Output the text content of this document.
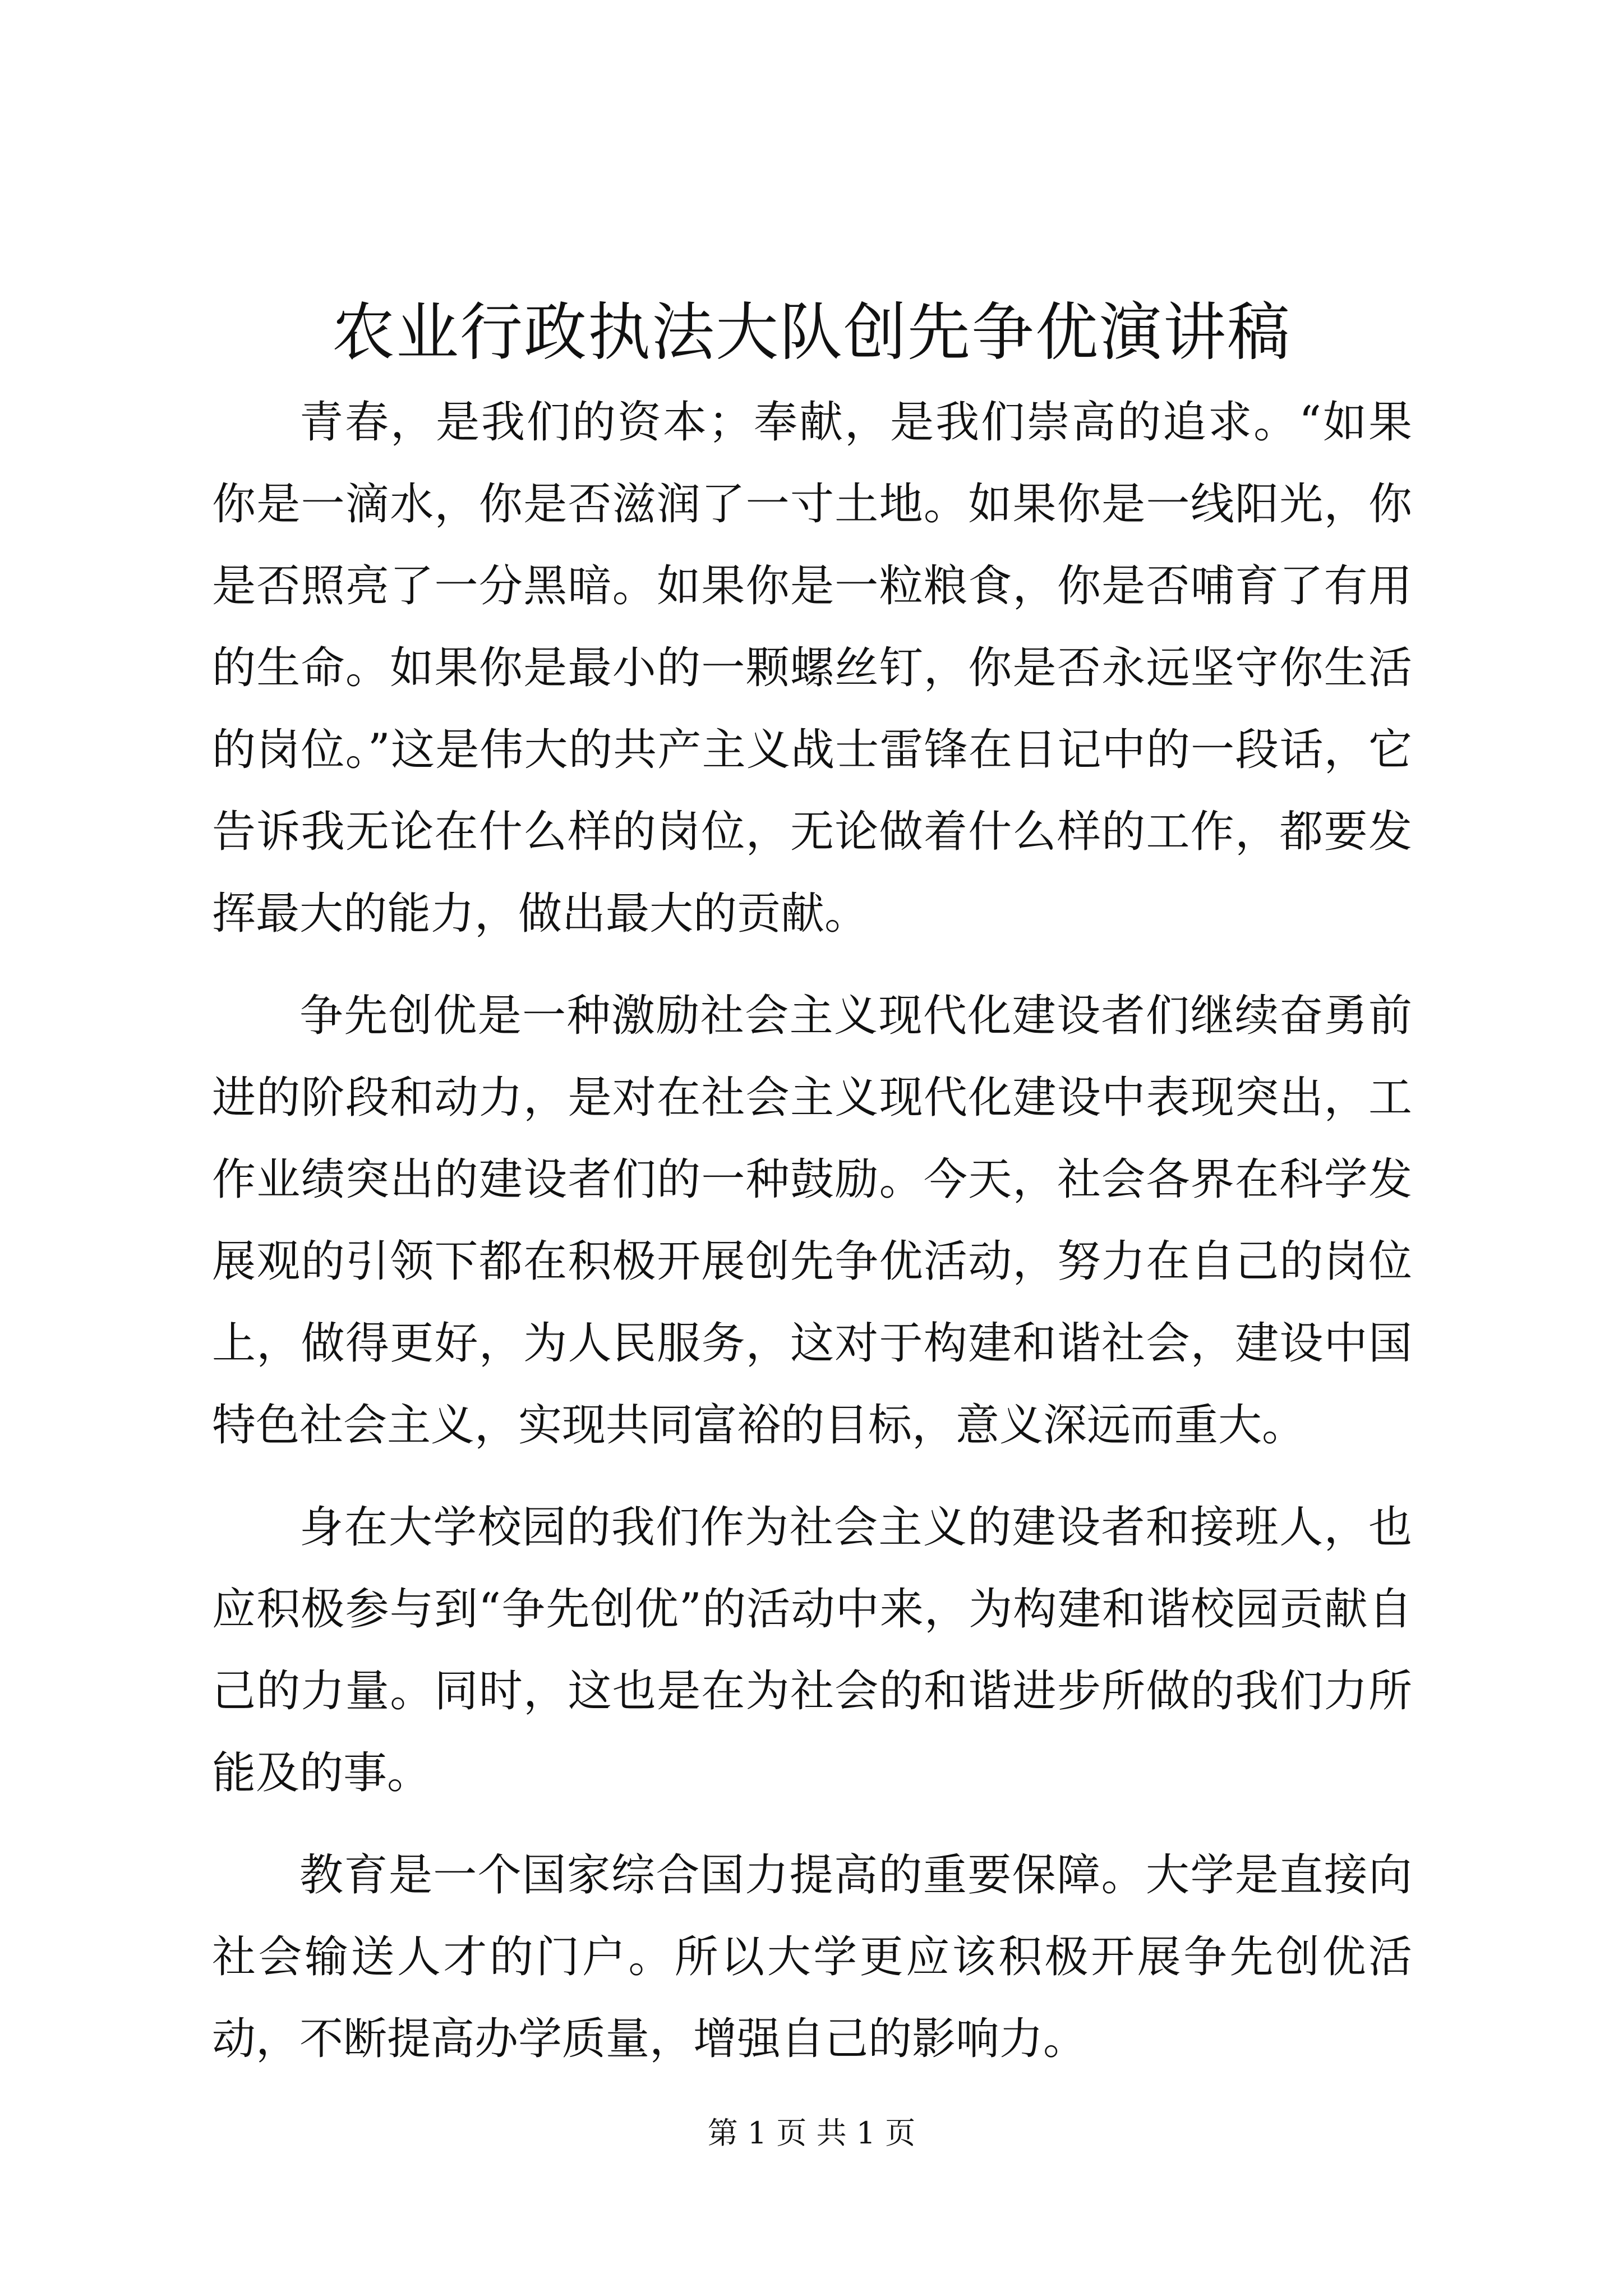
农业行政执法大队创先争优演讲稿

青春，是我们的资本；奉献，是我们崇高的追求。“如果你是一滴水，你是否滋润了一寸土地。如果你是一线阳光，你是否照亮了一分黑暗。如果你是一粒粮食，你是否哺育了有用的生命。如果你是最小的一颗螺丝钉，你是否永远坚守你生活的岗位。”这是伟大的共产主义战士雷锋在日记中的一段话，它告诉我无论在什么样的岗位，无论做着什么样的工作，都要发挥最大的能力，做出最大的贡献。

争先创优是一种激励社会主义现代化建设者们继续奋勇前进的阶段和动力，是对在社会主义现代化建设中表现突出，工作业绩突出的建设者们的一种鼓励。今天，社会各界在科学发展观的引领下都在积极开展创先争优活动，努力在自己的岗位上，做得更好，为人民服务，这对于构建和谐社会，建设中国特色社会主义，实现共同富裕的目标，意义深远而重大。

身在大学校园的我们作为社会主义的建设者和接班人，也应积极参与到“争先创优”的活动中来，为构建和谐校园贡献自己的力量。同时，这也是在为社会的和谐进步所做的我们力所能及的事。

教育是一个国家综合国力提高的重要保障。大学是直接向社会输送人才的门户。所以大学更应该积极开展争先创优活动，不断提高办学质量，增强自己的影响力。

第 1 页 共 1 页
